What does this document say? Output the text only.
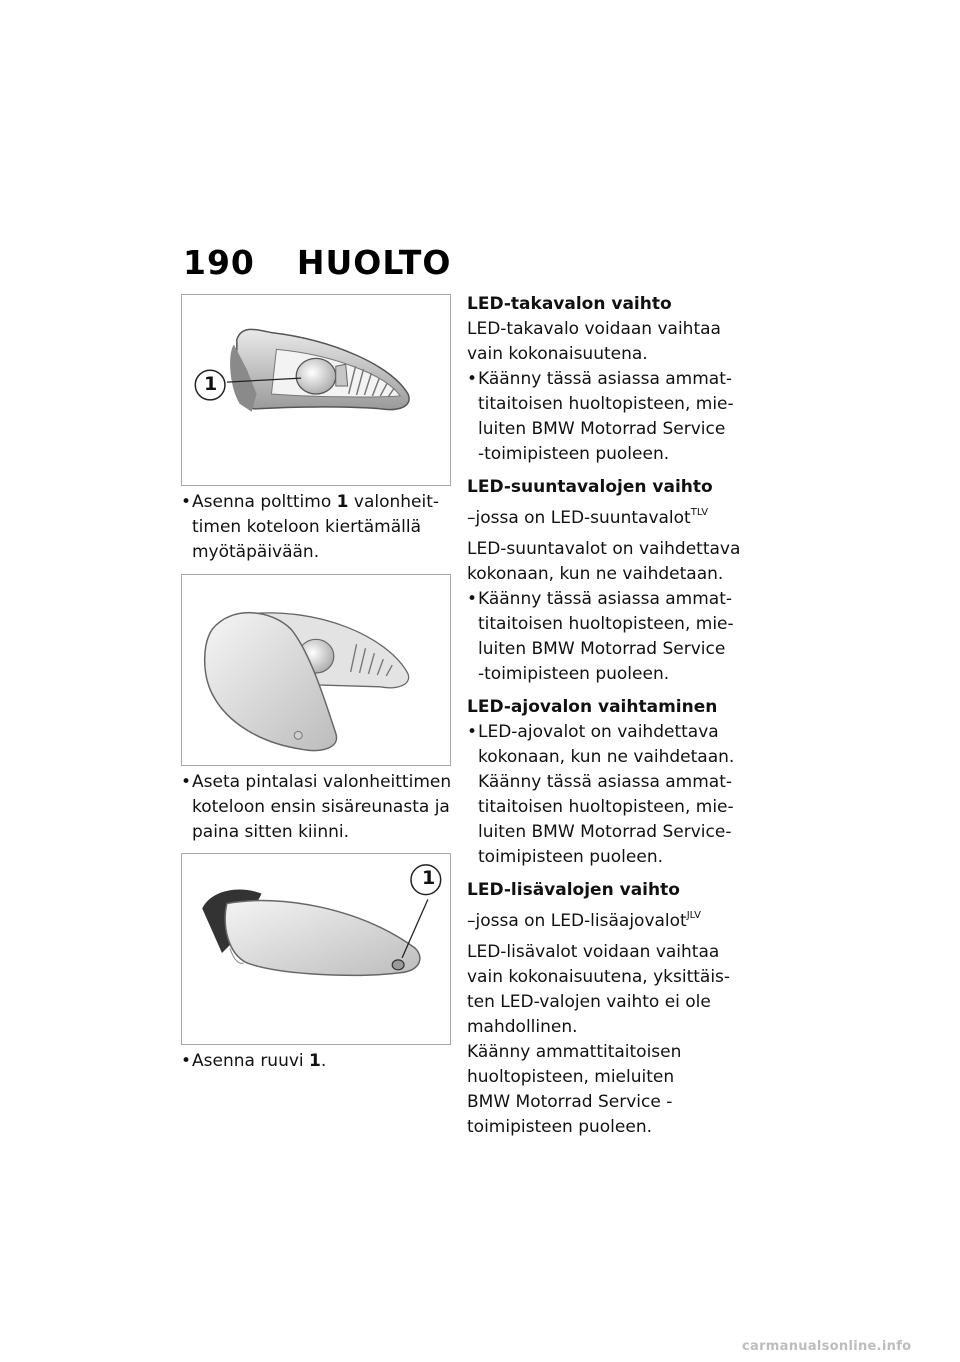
190 HUOLTO
1
• Asenna polttimo 1 valonheit-
timen koteloon kiertämällä
myötäpäivään.
• Aseta pintalasi valonheittimen
koteloon ensin sisäreunasta ja
paina sitten kiinni.
1
• Asenna ruuvi 1.
LED-takavalon vaihto

LED-takavalo voidaan vaihtaa

vain kokonaisuutena.

• Käänny tässä asiassa ammat-
titaitoisen huoltopisteen, mie-
luiten BMW Motorrad Service
-toimipisteen puoleen.
LED-suuntavalojen vaihto

–jossa on LED-suuntavalot$^{TLV}$

LED-suuntavalot on vaihdettava

kokonaan, kun ne vaihdetaan.

• Käänny tässä asiassa ammat-
titaitoisen huoltopisteen, mie-
luiten BMW Motorrad Service
-toimipisteen puoleen.
LED-ajovalon vaihtaminen
• LED-ajovalot on vaihdettava
kokonaan, kun ne vaihdetaan.
Käänny tässä asiassa ammat-
titaitoisen huoltopisteen, mie-
luiten BMW Motorrad Service-
toimipisteen puoleen.
LED-lisävalojen vaihto

–jossa on LED-lisäajovalot$^{JLV}$

LED-lisävalot voidaan vaihtaa

vain kokonaisuutena, yksittäis-

ten LED-valojen vaihto ei ole

mahdollinen.

Käänny ammattitaitoisen

huoltopisteen, mieluiten

BMW Motorrad Service -

toimipisteen puoleen.

carmanualsonline.info
